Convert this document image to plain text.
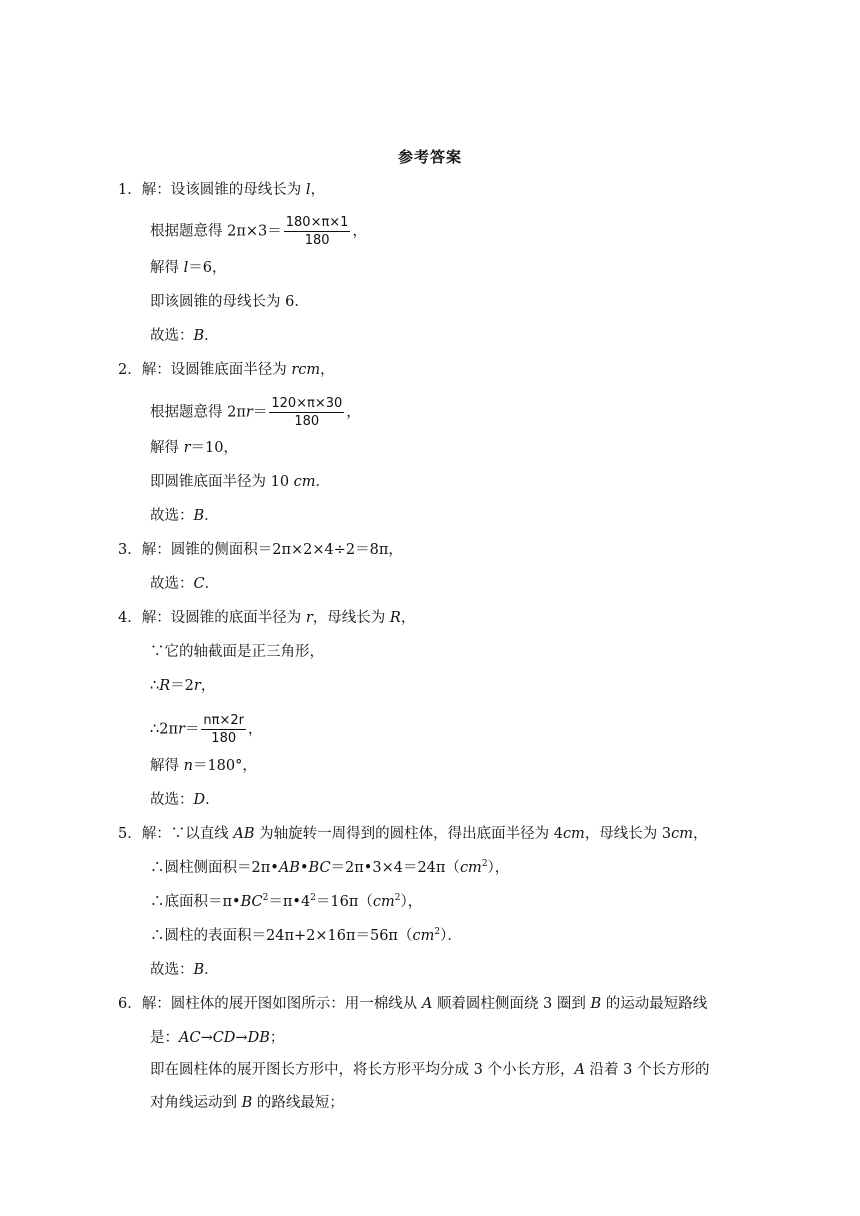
参考答案
1．解：设该圆锥的母线长为 l，
根据题意得 $2\pi\times 3= \frac{180\times\pi\times 1}{180}$ ，
解得 l＝6，
即该圆锥的母线长为 6．
故选：B．
2．解：设圆锥底面半径为 rcm，
根据题意得 $2\pi r= \frac{120\times\pi\times 30}{180}$ ，
解得 r＝10，
即圆锥底面半径为 10 cm．
故选：B．
3．解：圆锥的侧面积＝2π×2×4÷2＝8π，
故选：C．
4．解：设圆锥的底面半径为 r，母线长为 R，
∵它的轴截面是正三角形，
∴R＝2r，
∴2πr＝ $\frac{n\pi\times 2r}{180}$ ，
解得 n＝180°，
故选：D．
5．解：∵以直线 AB 为轴旋转一周得到的圆柱体，得出底面半径为 4cm，母线长为 3cm，
∴圆柱侧面积$=2\pi•AB•BC=2\pi•3\times 4=24\pi(cm^2)$，
∴底面积$=\pi•BC^2=\pi•4^2=16\pi(cm^2)$，
∴圆柱的表面积$=24\pi+2\times 16\pi=56\pi(cm^2)$．
故选：B．
6．解：圆柱体的展开图如图所示：用一棉线从 A 顺着圆柱侧面绕 3 圈到 B 的运动最短路线
是：AC→CD→DB；
即在圆柱体的展开图长方形中，将长方形平均分成 3 个小长方形，A 沿着 3 个长方形的
对角线运动到 B 的路线最短；
